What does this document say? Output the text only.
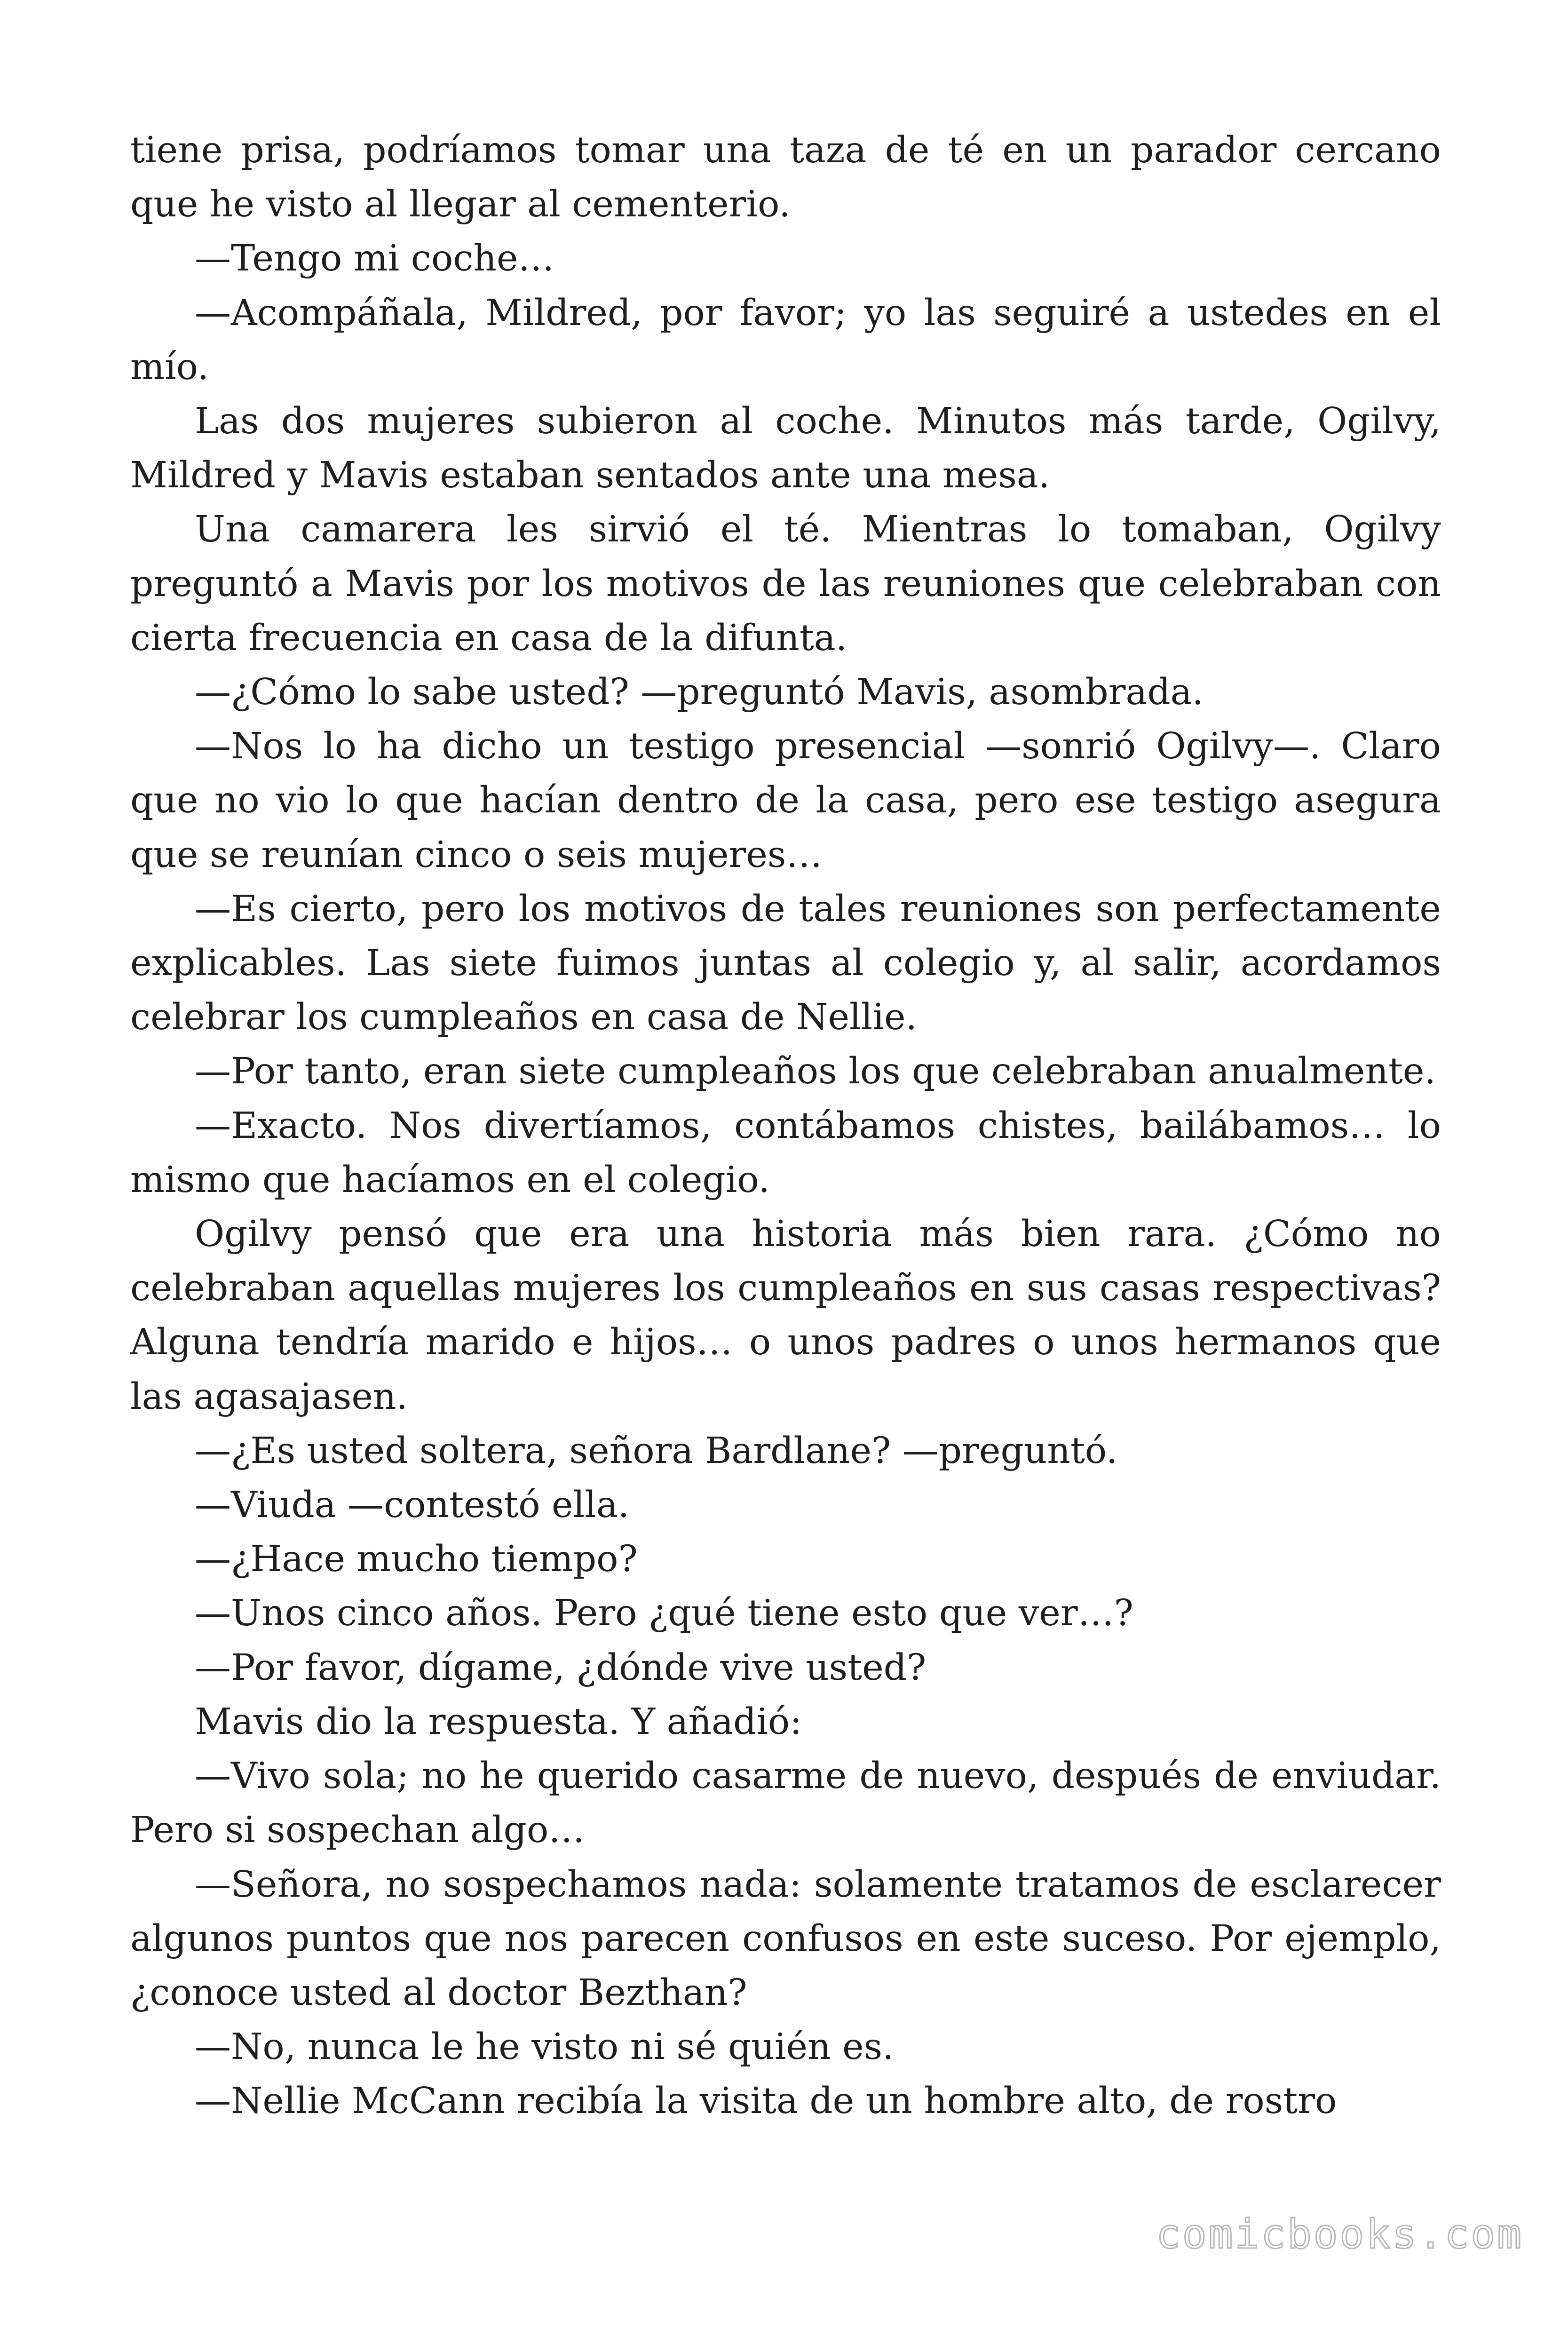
tiene prisa, podríamos tomar una taza de té en un parador cercano que he visto al llegar al cementerio.

—Tengo mi coche…

—Acompáñala, Mildred, por favor; yo las seguiré a ustedes en el mío.

Las dos mujeres subieron al coche. Minutos más tarde, Ogilvy, Mildred y Mavis estaban sentados ante una mesa.

Una camarera les sirvió el té. Mientras lo tomaban, Ogilvy preguntó a Mavis por los motivos de las reuniones que celebraban con cierta frecuencia en casa de la difunta.

—¿Cómo lo sabe usted? —preguntó Mavis, asombrada.

—Nos lo ha dicho un testigo presencial —sonrió Ogilvy—. Claro que no vio lo que hacían dentro de la casa, pero ese testigo asegura que se reunían cinco o seis mujeres…

—Es cierto, pero los motivos de tales reuniones son perfectamente explicables. Las siete fuimos juntas al colegio y, al salir, acordamos celebrar los cumpleaños en casa de Nellie.

—Por tanto, eran siete cumpleaños los que celebraban anualmente.

—Exacto. Nos divertíamos, contábamos chistes, bailábamos… lo mismo que hacíamos en el colegio.

Ogilvy pensó que era una historia más bien rara. ¿Cómo no celebraban aquellas mujeres los cumpleaños en sus casas respectivas? Alguna tendría marido e hijos… o unos padres o unos hermanos que las agasajasen.

—¿Es usted soltera, señora Bardlane? —preguntó.

—Viuda —contestó ella.

—¿Hace mucho tiempo?

—Unos cinco años. Pero ¿qué tiene esto que ver…?

—Por favor, dígame, ¿dónde vive usted?

Mavis dio la respuesta. Y añadió:

—Vivo sola; no he querido casarme de nuevo, después de enviudar. Pero si sospechan algo…

—Señora, no sospechamos nada: solamente tratamos de esclarecer algunos puntos que nos parecen confusos en este suceso. Por ejemplo, ¿conoce usted al doctor Bezthan?

—No, nunca le he visto ni sé quién es.

—Nellie McCann recibía la visita de un hombre alto, de rostro

comicbooks.com
